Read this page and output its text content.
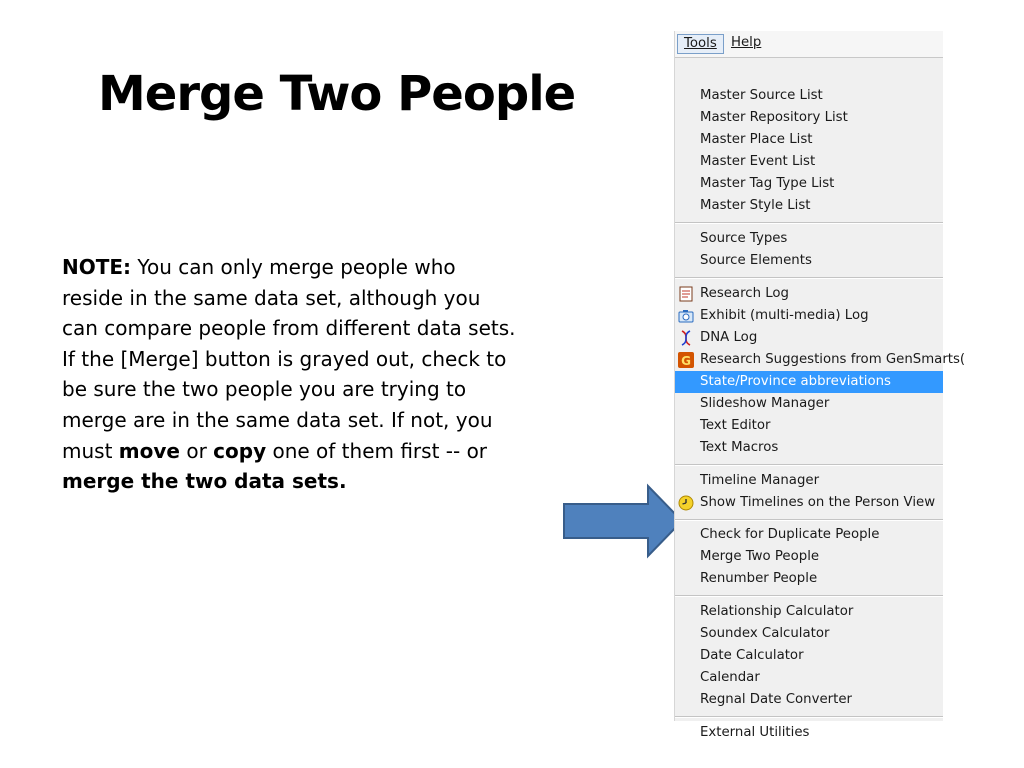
Merge Two People
NOTE: You can only merge people who reside in the same data set, although you can compare people from different data sets. If the [Merge] button is grayed out, check to be sure the two people you are trying to merge are in the same data set. If not, you must move or copy one of them first -- or merge the two data sets.
Tools	Help
Master Source List
Master Repository List
Master Place List
Master Event List
Master Tag Type List
Master Style List
Source Types
Source Elements
Research Log
Exhibit (multi-media) Log
DNA Log
G Research Suggestions from GenSmarts(
State/Province abbreviations
Slideshow Manager
Text Editor
Text Macros
Timeline Manager
Show Timelines on the Person View
Check for Duplicate People
Merge Two People
Renumber People
Relationship Calculator
Soundex Calculator
Date Calculator
Calendar
Regnal Date Converter
External Utilities
